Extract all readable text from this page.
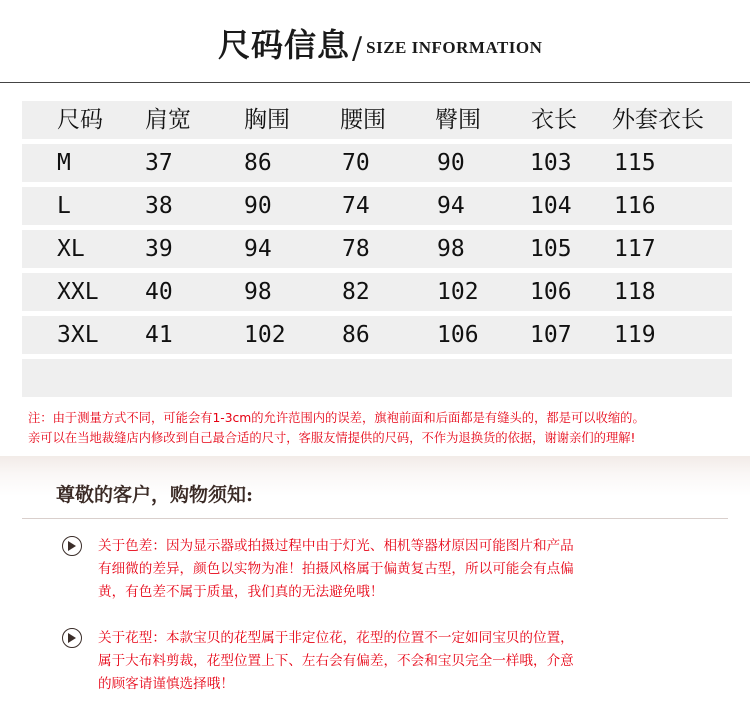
尺码信息 / SIZE INFORMATION
尺码 肩宽 胸围 腰围 臀围 衣长 外套衣长
M	37	86	70	90	103 115
L	38	90	74	94	104 116
XL	39	94	78	98	105 117
XXL 40	98	82	102 106 118
3XL 41	102 86	106 107 119
注：由于测量方式不同，可能会有1-3cm的允许范围内的误差，旗袍前面和后面都是有缝头的，都是可以收缩的。
亲可以在当地裁缝店内修改到自己最合适的尺寸，客服友情提供的尺码，不作为退换货的依据，谢谢亲们的理解!
尊敬的客户，购物须知:
关于色差：因为显示器或拍摄过程中由于灯光、相机等器材原因可能图片和产品
有细微的差异，颜色以实物为准！拍摄风格属于偏黄复古型，所以可能会有点偏
黄，有色差不属于质量，我们真的无法避免哦！
关于花型：本款宝贝的花型属于非定位花，花型的位置不一定如同宝贝的位置，
属于大布料剪裁，花型位置上下、左右会有偏差，不会和宝贝完全一样哦，介意
的顾客请谨慎选择哦！
